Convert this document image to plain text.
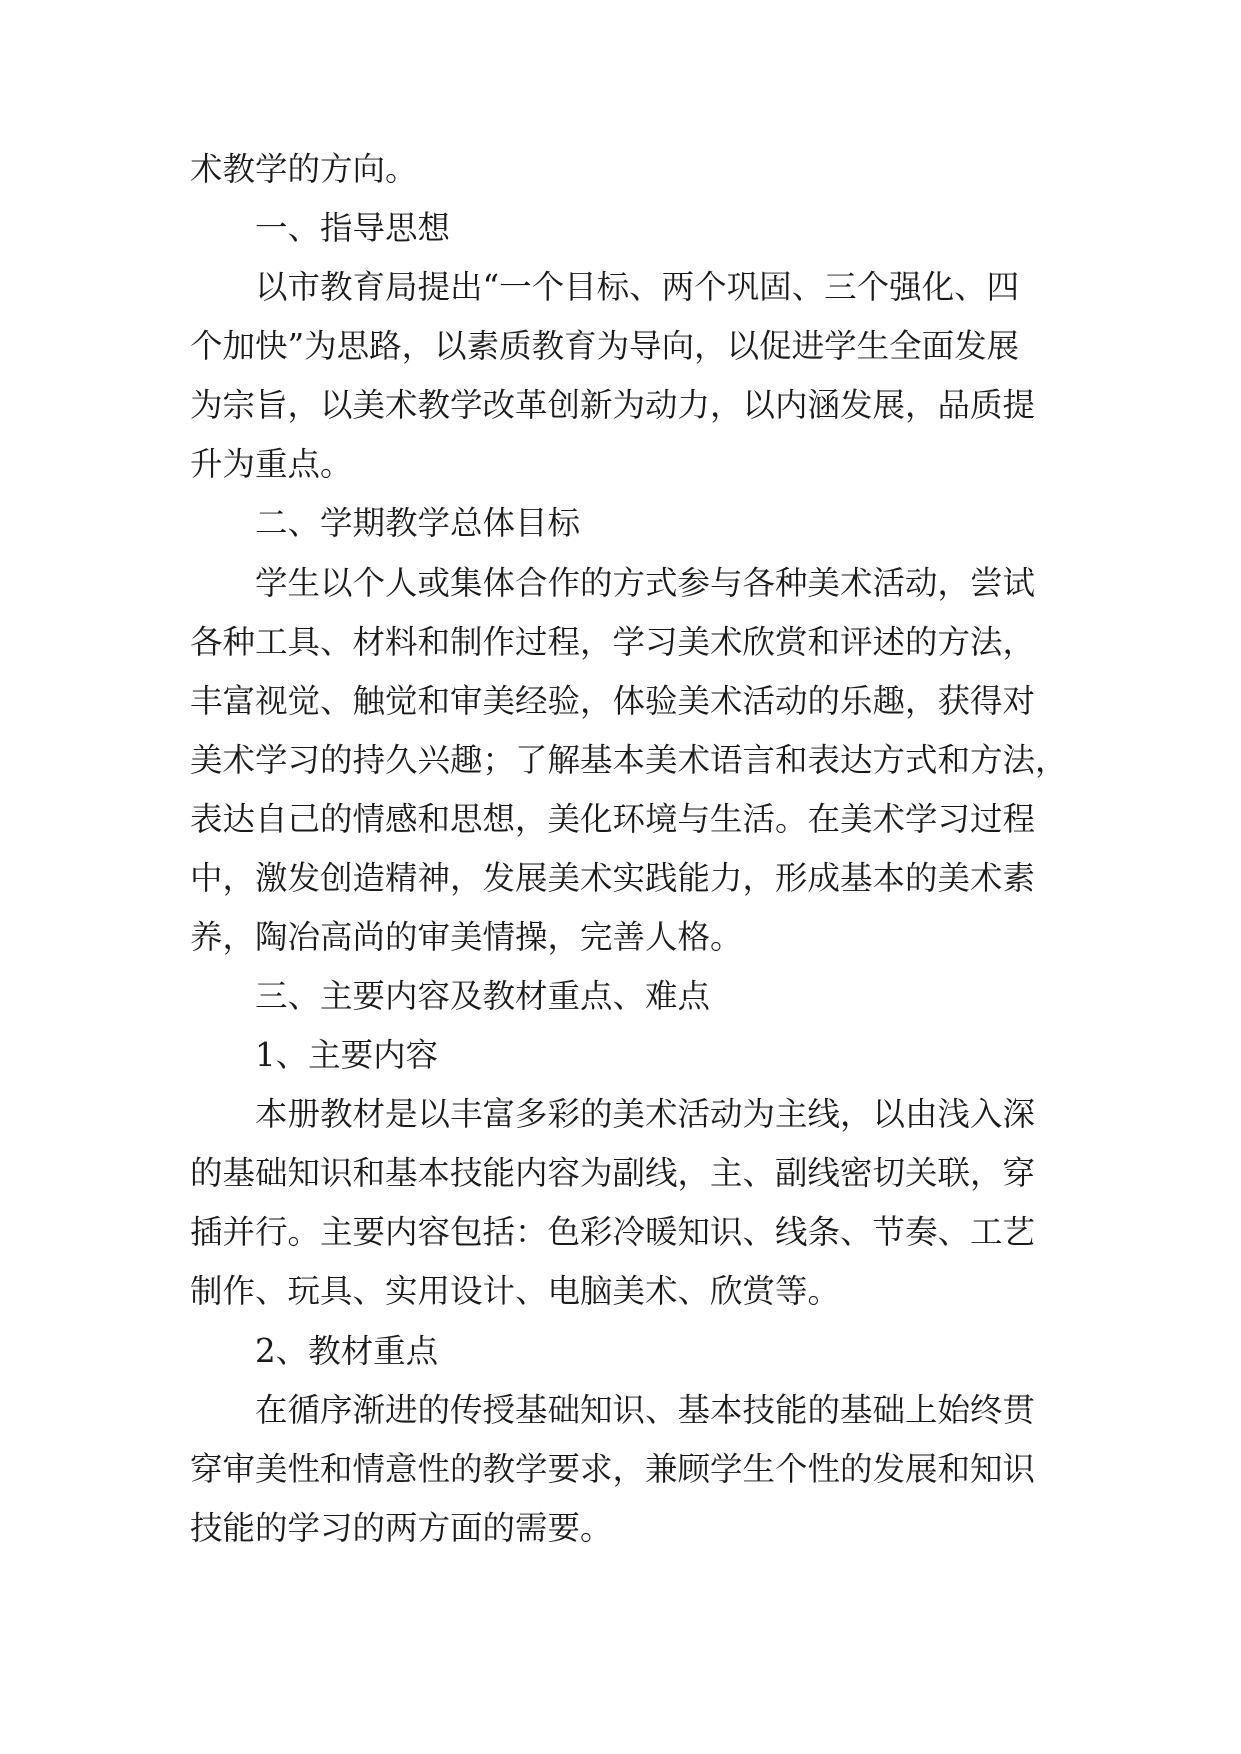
术教学的方向。

一、指导思想

以市教育局提出“一个目标、两个巩固、三个强化、四

个加快”为思路，以素质教育为导向，以促进学生全面发展

为宗旨，以美术教学改革创新为动力，以内涵发展，品质提

升为重点。

二、学期教学总体目标

学生以个人或集体合作的方式参与各种美术活动，尝试

各种工具、材料和制作过程，学习美术欣赏和评述的方法，

丰富视觉、触觉和审美经验，体验美术活动的乐趣，获得对

美术学习的持久兴趣；了解基本美术语言和表达方式和方法，

表达自己的情感和思想，美化环境与生活。在美术学习过程

中，激发创造精神，发展美术实践能力，形成基本的美术素

养，陶冶高尚的审美情操，完善人格。

三、主要内容及教材重点、难点

1、主要内容

本册教材是以丰富多彩的美术活动为主线，以由浅入深

的基础知识和基本技能内容为副线，主、副线密切关联，穿

插并行。主要内容包括：色彩冷暖知识、线条、节奏、工艺

制作、玩具、实用设计、电脑美术、欣赏等。

2、教材重点

在循序渐进的传授基础知识、基本技能的基础上始终贯

穿审美性和情意性的教学要求，兼顾学生个性的发展和知识

技能的学习的两方面的需要。
